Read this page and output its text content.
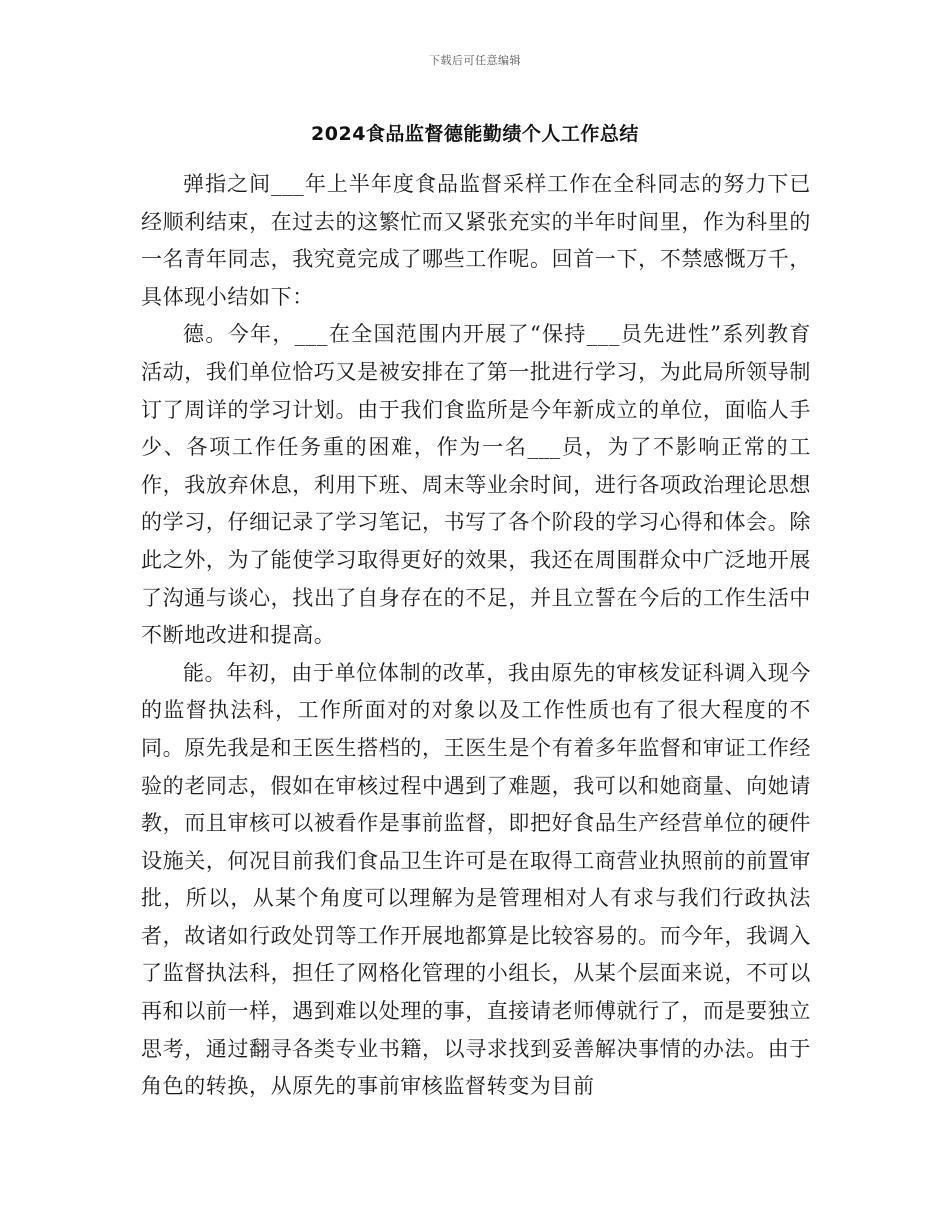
下载后可任意编辑
2024食品监督德能勤绩个人工作总结

弹指之间___年上半年度食品监督采样工作在全科同志的努力下已经顺利结束，在过去的这繁忙而又紧张充实的半年时间里，作为科里的一名青年同志，我究竟完成了哪些工作呢。回首一下，不禁感慨万千，具体现小结如下：

德。今年，___在全国范围内开展了“保持___员先进性”系列教育活动，我们单位恰巧又是被安排在了第一批进行学习，为此局所领导制订了周详的学习计划。由于我们食监所是今年新成立的单位，面临人手少、各项工作任务重的困难，作为一名___员，为了不影响正常的工作，我放弃休息，利用下班、周末等业余时间，进行各项政治理论思想的学习，仔细记录了学习笔记，书写了各个阶段的学习心得和体会。除此之外，为了能使学习取得更好的效果，我还在周围群众中广泛地开展了沟通与谈心，找出了自身存在的不足，并且立誓在今后的工作生活中不断地改进和提高。

能。年初，由于单位体制的改革，我由原先的审核发证科调入现今的监督执法科，工作所面对的对象以及工作性质也有了很大程度的不同。原先我是和王医生搭档的，王医生是个有着多年监督和审证工作经验的老同志，假如在审核过程中遇到了难题，我可以和她商量、向她请教，而且审核可以被看作是事前监督，即把好食品生产经营单位的硬件设施关，何况目前我们食品卫生许可是在取得工商营业执照前的前置审批，所以，从某个角度可以理解为是管理相对人有求与我们行政执法者，故诸如行政处罚等工作开展地都算是比较容易的。而今年，我调入了监督执法科，担任了网格化管理的小组长，从某个层面来说，不可以再和以前一样，遇到难以处理的事，直接请老师傅就行了，而是要独立思考，通过翻寻各类专业书籍，以寻求找到妥善解决事情的办法。由于角色的转换，从原先的事前审核监督转变为目前
